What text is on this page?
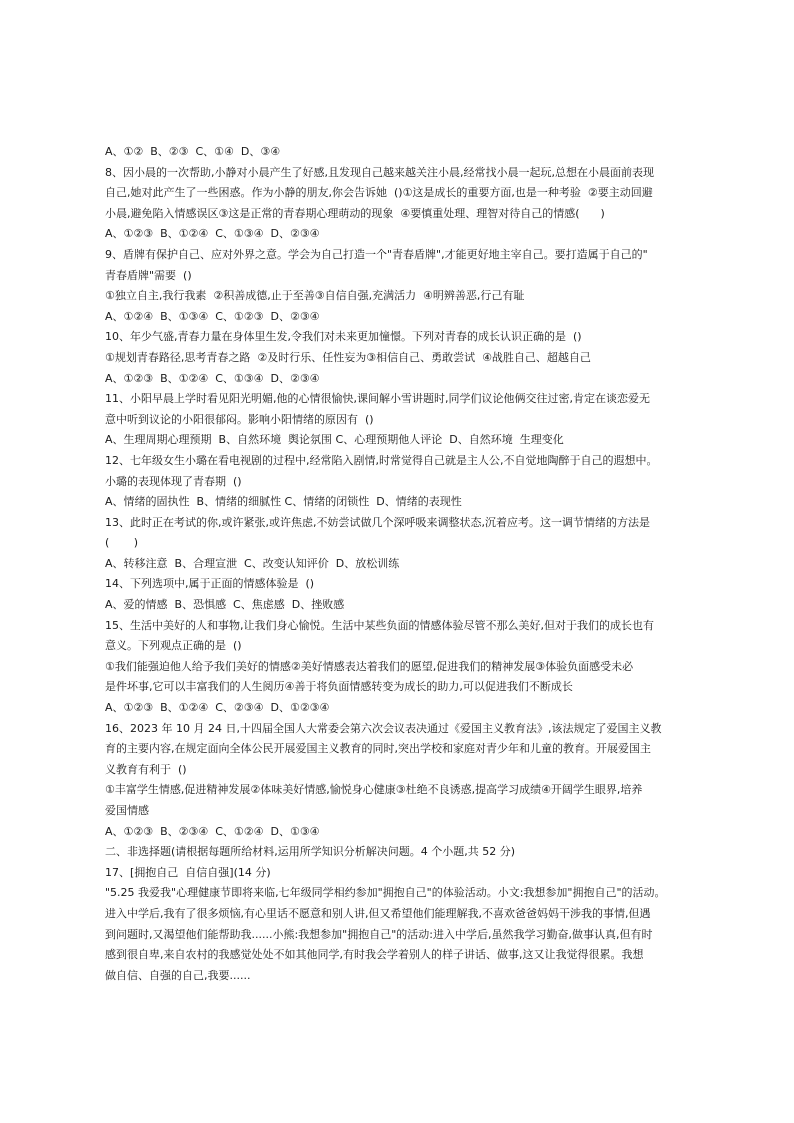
A、①②  B、②③  C、①④  D、③④
8、因小晨的一次帮助,小静对小晨产生了好感,且发现自己越来越关注小晨,经常找小晨一起玩,总想在小晨面前表现
自己,她对此产生了一些困惑。作为小静的朋友,你会告诉她  ()①这是成长的重要方面,也是一种考验  ②要主动回避
小晨,避免陷入情感误区③这是正常的青春期心理萌动的现象  ④要慎重处理、理智对待自己的情感(      )
A、①②③  B、①②④  C、①③④  D、②③④
9、盾牌有保护自己、应对外界之意。学会为自己打造一个"青春盾牌",才能更好地主宰自己。要打造属于自己的"
青春盾牌"需要  ()
①独立自主,我行我素  ②积善成德,止于至善③自信自强,充满活力  ④明辨善恶,行己有耻
A、①②④  B、①③④  C、①②③  D、②③④
10、年少气盛,青春力量在身体里生发,令我们对未来更加憧憬。下列对青春的成长认识正确的是  ()
①规划青春路径,思考青春之路  ②及时行乐、任性妄为③相信自己、勇敢尝试  ④战胜自己、超越自己
A、①②③  B、①②④  C、①③④  D、②③④
11、小阳早晨上学时看见阳光明媚,他的心情很愉快,课间解小雪讲题时,同学们议论他俩交往过密,肯定在谈恋爱无
意中听到议论的小阳很郁闷。影响小阳情绪的原因有  ()
A、生理周期心理预期  B、自然环境  舆论氛围 C、心理预期他人评论  D、自然环境  生理变化
12、七年级女生小璐在看电视剧的过程中,经常陷入剧情,时常觉得自己就是主人公,不自觉地陶醉于自己的遐想中。
小璐的表现体现了青春期  ()
A、情绪的固执性  B、情绪的细腻性 C、情绪的闭锁性  D、情绪的表现性
13、此时正在考试的你,或许紧张,或许焦虑,不妨尝试做几个深呼吸来调整状态,沉着应考。这一调节情绪的方法是
(       )
A、转移注意  B、合理宣泄  C、改变认知评价  D、放松训练
14、下列选项中,属于正面的情感体验是  ()
A、爱的情感  B、恐惧感  C、焦虑感  D、挫败感
15、生活中美好的人和事物,让我们身心愉悦。生活中某些负面的情感体验尽管不那么美好,但对于我们的成长也有
意义。下列观点正确的是  ()
①我们能强迫他人给予我们美好的情感②美好情感表达着我们的愿望,促进我们的精神发展③体验负面感受未必
是件坏事,它可以丰富我们的人生阅历④善于将负面情感转变为成长的助力,可以促进我们不断成长
A、①②③  B、①②④  C、②③④  D、①②③④
16、2023 年 10 月 24 日,十四届全国人大常委会第六次会议表决通过《爱国主义教育法》,该法规定了爱国主义教
育的主要内容,在规定面向全体公民开展爱国主义教育的同时,突出学校和家庭对青少年和儿童的教育。开展爱国主
义教育有利于  ()
①丰富学生情感,促进精神发展②体味美好情感,愉悦身心健康③杜绝不良诱惑,提高学习成绩④开阔学生眼界,培养
爱国情感
A、①②③  B、②③④  C、①②④  D、①③④
二、非选择题(请根据每题所给材料,运用所学知识分析解决问题。4 个小题,共 52 分)
17、[拥抱自己  自信自强](14 分)
"5.25 我爱我"心理健康节即将来临,七年级同学相约参加"拥抱自己"的体验活动。小文:我想参加"拥抱自己"的活动。
进入中学后,我有了很多烦恼,有心里话不愿意和别人讲,但又希望他们能理解我,不喜欢爸爸妈妈干涉我的事情,但遇
到问题时,又渴望他们能帮助我......小熊:我想参加"拥抱自己"的活动:进入中学后,虽然我学习勤奋,做事认真,但有时
感到很自卑,来自农村的我感觉处处不如其他同学,有时我会学着别人的样子讲话、做事,这又让我觉得很累。我想
做自信、自强的自己,我要......
